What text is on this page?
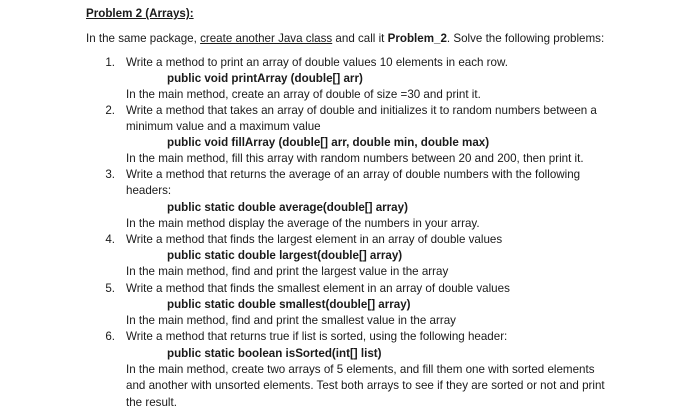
Problem 2 (Arrays):
In the same package, create another Java class and call it Problem_2. Solve the following problems:
1. Write a method to print an array of double values 10 elements in each row.
public void printArray (double[] arr)
In the main method, create an array of double of size =30 and print it.
2. Write a method that takes an array of double and initializes it to random numbers between a
minimum value and a maximum value
public void fillArray (double[] arr, double min, double max)
In the main method, fill this array with random numbers between 20 and 200, then print it.
3. Write a method that returns the average of an array of double numbers with the following
headers:
public static double average(double[] array)
In the main method display the average of the numbers in your array.
4. Write a method that finds the largest element in an array of double values
public static double largest(double[] array)
In the main method, find and print the largest value in the array
5. Write a method that finds the smallest element in an array of double values
public static double smallest(double[] array)
In the main method, find and print the smallest value in the array
6. Write a method that returns true if list is sorted, using the following header:
public static boolean isSorted(int[] list)
In the main method, create two arrays of 5 elements, and fill them one with sorted elements
and another with unsorted elements. Test both arrays to see if they are sorted or not and print
the result.
